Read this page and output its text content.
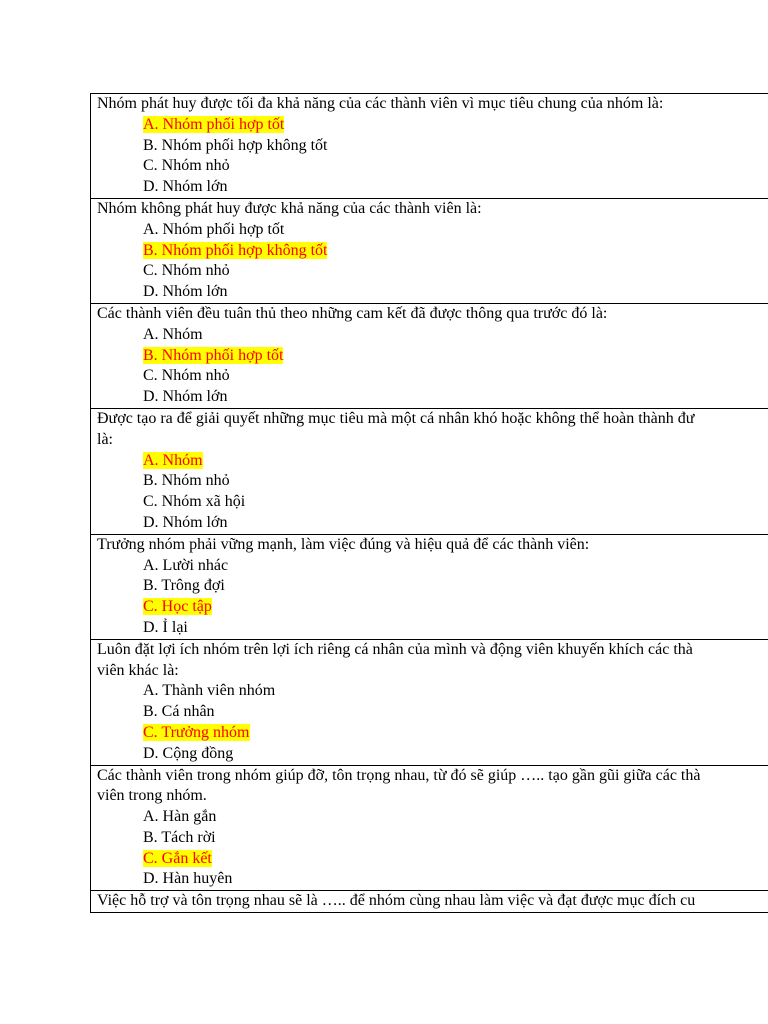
Nhóm phát huy được tối đa khả năng của các thành viên vì mục tiêu chung của nhóm là:
A. Nhóm phối hợp tốt
B. Nhóm phối hợp không tốt
C. Nhóm nhỏ
D. Nhóm lớn

Nhóm không phát huy được khả năng của các thành viên là:
A. Nhóm phối hợp tốt
B. Nhóm phối hợp không tốt
C. Nhóm nhỏ
D. Nhóm lớn

Các thành viên đều tuân thủ theo những cam kết đã được thông qua trước đó là:
A. Nhóm
B. Nhóm phối hợp tốt
C. Nhóm nhỏ
D. Nhóm lớn

Được tạo ra để giải quyết những mục tiêu mà một cá nhân khó hoặc không thể hoàn thành đư
là:
A. Nhóm
B. Nhóm nhỏ
C. Nhóm xã hội
D. Nhóm lớn

Trưởng nhóm phải vững mạnh, làm việc đúng và hiệu quả để các thành viên:
A. Lười nhác
B. Trông đợi
C. Học tập
D. Ỉ lại

Luôn đặt lợi ích nhóm trên lợi ích riêng cá nhân của mình và động viên khuyến khích các thà
viên khác là:
A. Thành viên nhóm
B. Cá nhân
C. Trưởng nhóm
D. Cộng đồng

Các thành viên trong nhóm giúp đỡ, tôn trọng nhau, từ đó sẽ giúp ….. tạo gần gũi giữa các thà
viên trong nhóm.
A. Hàn gắn
B. Tách rời
C. Gắn kết
D. Hàn huyên

Việc hỗ trợ và tôn trọng nhau sẽ là ….. để nhóm cùng nhau làm việc và đạt được mục đích cu
